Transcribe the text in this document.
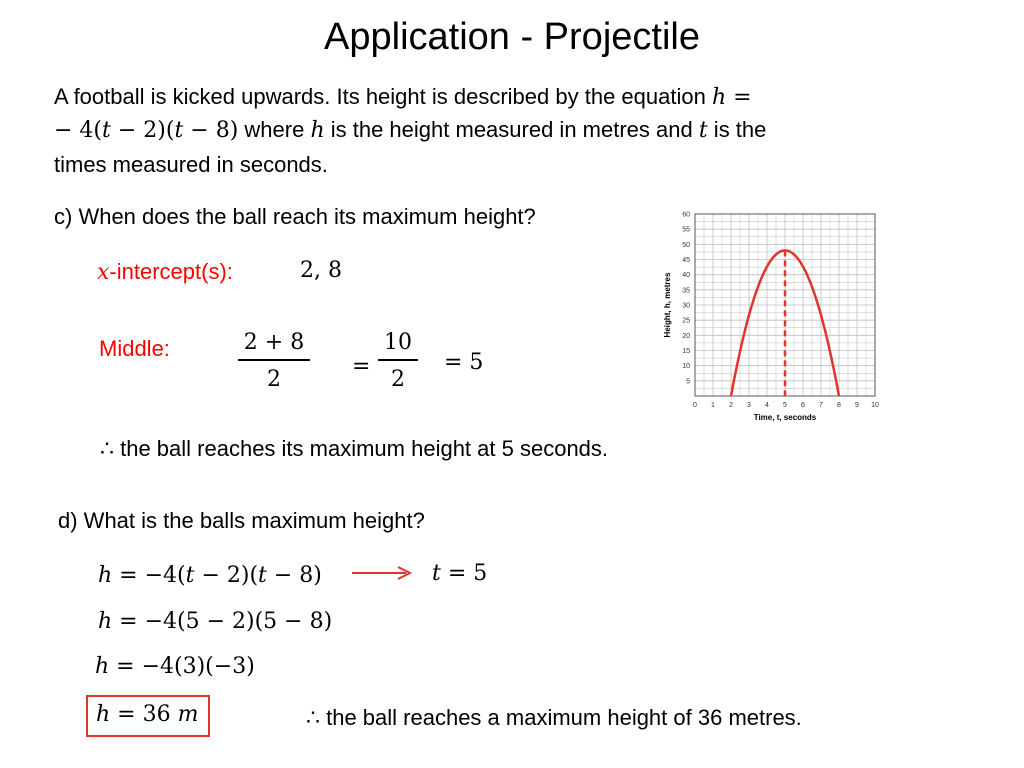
Application - Projectile
A football is kicked upwards. Its height is described by the equation h =
− 4(t − 2)(t − 8) where h is the height measured in metres and t is the
times measured in seconds.
c) When does the ball reach its maximum height?
x-intercept(s):	2, 8
Middle:	2 + 8
2
=
10
2
= 5
∴ the ball reaches its maximum height at 5 seconds.
d) What is the balls maximum height?
h = −4(t − 2)(t − 8)	t = 5
h = −4(5 − 2)(5 − 8)
h = −4(3)(−3)
h = 36 m	∴ the ball reaches a maximum height of 36 metres.
5
10
15
20
25
30
35
40
45
50
55
60
0 1 2 3 4 5 6 7 8 9 10
Time, t, seconds
Height, h, metres
